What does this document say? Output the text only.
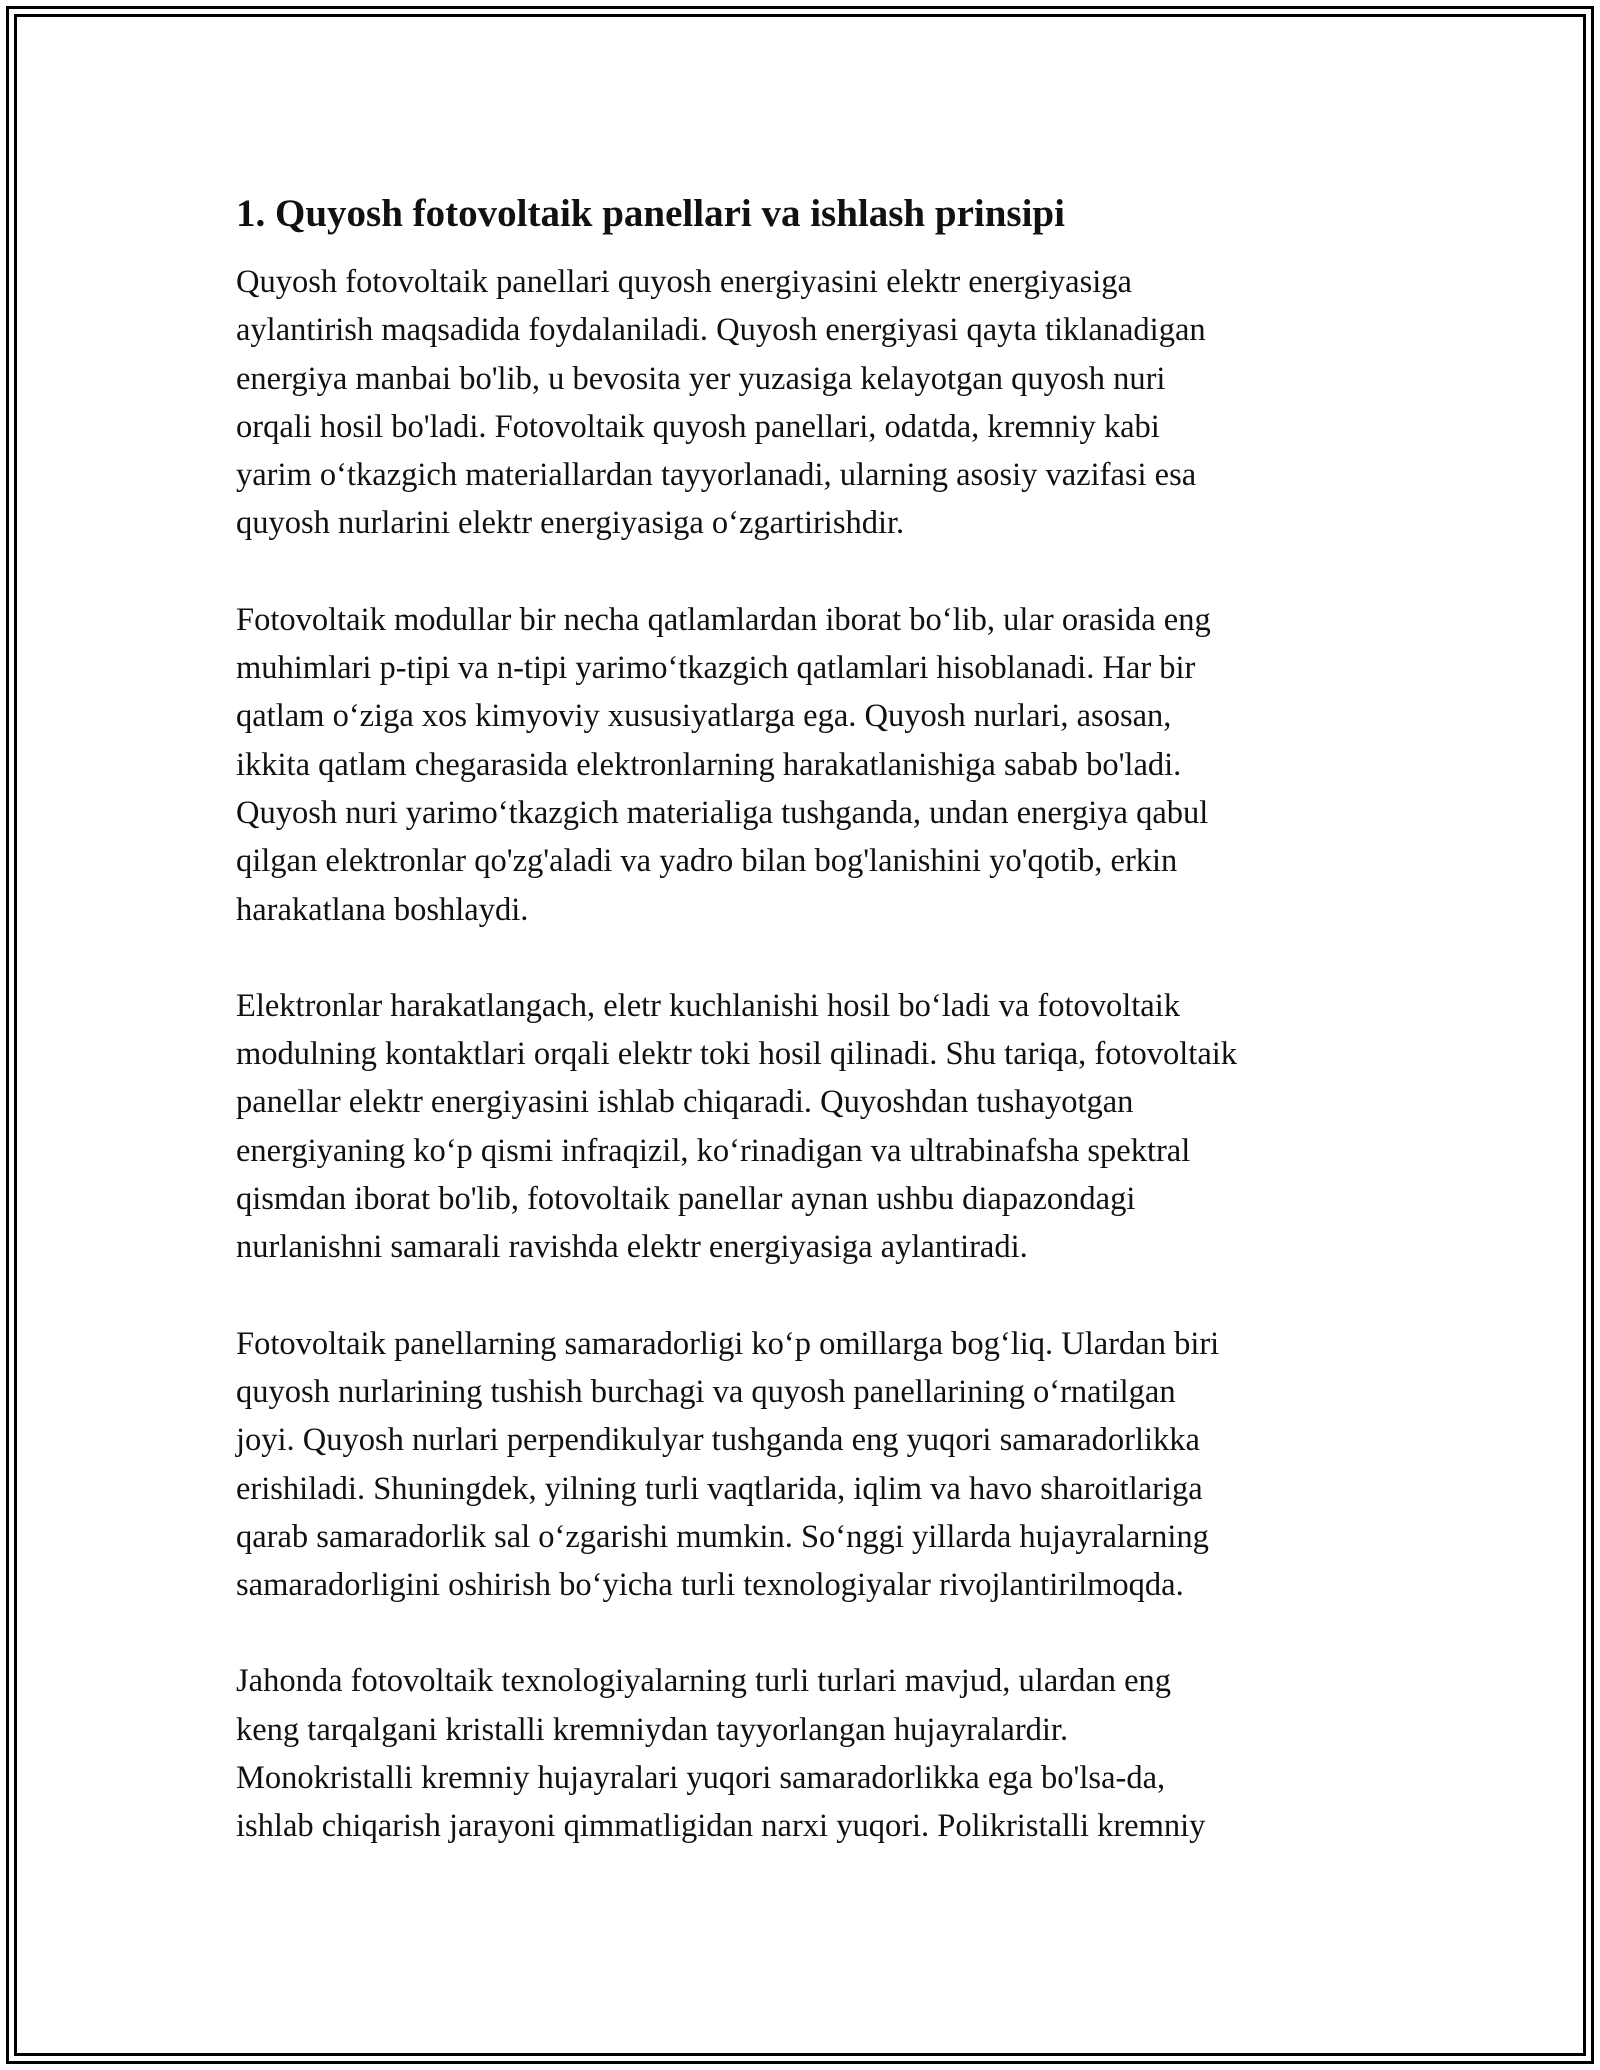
1. Quyosh fotovoltaik panellari va ishlash prinsipi
Quyosh fotovoltaik panellari quyosh energiyasini elektr energiyasiga
aylantirish maqsadida foydalaniladi. Quyosh energiyasi qayta tiklanadigan
energiya manbai bo'lib, u bevosita yer yuzasiga kelayotgan quyosh nuri
orqali hosil bo'ladi. Fotovoltaik quyosh panellari, odatda, kremniy kabi
yarim o‘tkazgich materiallardan tayyorlanadi, ularning asosiy vazifasi esa
quyosh nurlarini elektr energiyasiga o‘zgartirishdir.
Fotovoltaik modullar bir necha qatlamlardan iborat bo‘lib, ular orasida eng
muhimlari p-tipi va n-tipi yarimo‘tkazgich qatlamlari hisoblanadi. Har bir
qatlam o‘ziga xos kimyoviy xususiyatlarga ega. Quyosh nurlari, asosan,
ikkita qatlam chegarasida elektronlarning harakatlanishiga sabab bo'ladi.
Quyosh nuri yarimo‘tkazgich materialiga tushganda, undan energiya qabul
qilgan elektronlar qo'zg'aladi va yadro bilan bog'lanishini yo'qotib, erkin
harakatlana boshlaydi.
Elektronlar harakatlangach, eletr kuchlanishi hosil bo‘ladi va fotovoltaik
modulning kontaktlari orqali elektr toki hosil qilinadi. Shu tariqa, fotovoltaik
panellar elektr energiyasini ishlab chiqaradi. Quyoshdan tushayotgan
energiyaning ko‘p qismi infraqizil, ko‘rinadigan va ultrabinafsha spektral
qismdan iborat bo'lib, fotovoltaik panellar aynan ushbu diapazondagi
nurlanishni samarali ravishda elektr energiyasiga aylantiradi.
Fotovoltaik panellarning samaradorligi ko‘p omillarga bog‘liq. Ulardan biri
quyosh nurlarining tushish burchagi va quyosh panellarining o‘rnatilgan
joyi. Quyosh nurlari perpendikulyar tushganda eng yuqori samaradorlikka
erishiladi. Shuningdek, yilning turli vaqtlarida, iqlim va havo sharoitlariga
qarab samaradorlik sal o‘zgarishi mumkin. So‘nggi yillarda hujayralarning
samaradorligini oshirish bo‘yicha turli texnologiyalar rivojlantirilmoqda.
Jahonda fotovoltaik texnologiyalarning turli turlari mavjud, ulardan eng
keng tarqalgani kristalli kremniydan tayyorlangan hujayralardir.
Monokristalli kremniy hujayralari yuqori samaradorlikka ega bo'lsa-da,
ishlab chiqarish jarayoni qimmatligidan narxi yuqori. Polikristalli kremniy
